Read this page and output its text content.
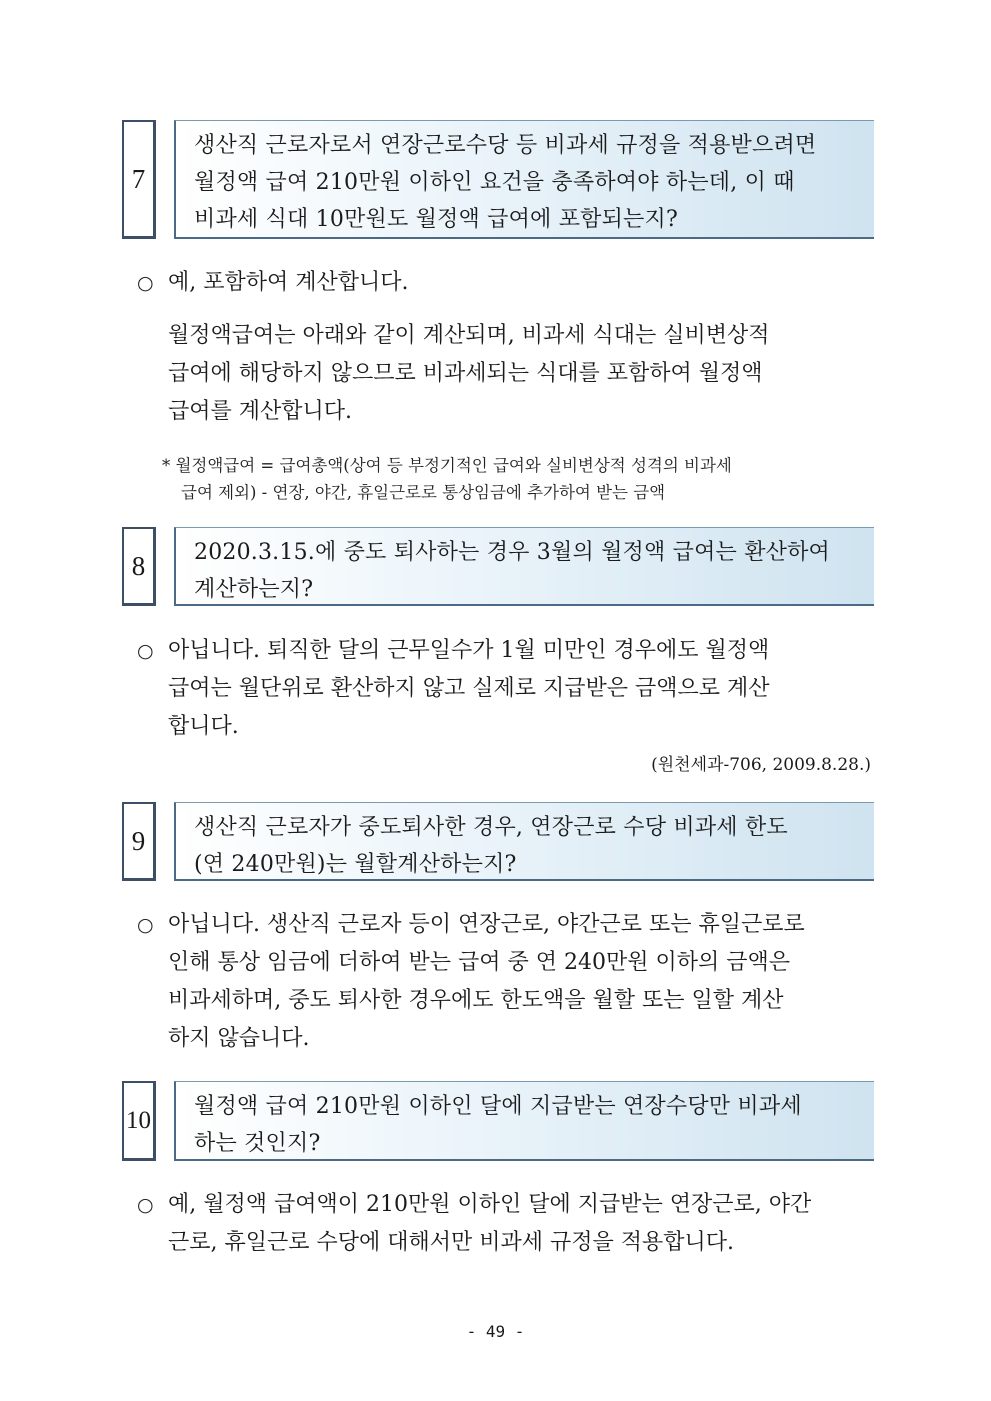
7
생산직 근로자로서 연장근로수당 등 비과세 규정을 적용받으려면
월정액 급여 210만원 이하인 요건을 충족하여야 하는데, 이 때
비과세 식대 10만원도 월정액 급여에 포함되는지?
○ 예, 포함하여 계산합니다.
월정액급여는 아래와 같이 계산되며, 비과세 식대는 실비변상적
급여에 해당하지 않으므로 비과세되는 식대를 포함하여 월정액
급여를 계산합니다.
* 월정액급여 = 급여총액(상여 등 부정기적인 급여와 실비변상적 성격의 비과세
급여 제외) - 연장, 야간, 휴일근로로 통상임금에 추가하여 받는 금액
8	2020.3.15.에 중도 퇴사하는 경우 3월의 월정액 급여는 환산하여
계산하는지?
○ 아닙니다. 퇴직한 달의 근무일수가 1월 미만인 경우에도 월정액
급여는 월단위로 환산하지 않고 실제로 지급받은 금액으로 계산
합니다.
(원천세과-706, 2009.8.28.)
9	생산직 근로자가 중도퇴사한 경우, 연장근로 수당 비과세 한도
(연 240만원)는 월할계산하는지?
○ 아닙니다. 생산직 근로자 등이 연장근로, 야간근로 또는 휴일근로로
인해 통상 임금에 더하여 받는 급여 중 연 240만원 이하의 금액은
비과세하며, 중도 퇴사한 경우에도 한도액을 월할 또는 일할 계산
하지 않습니다.
10 월정액 급여 210만원 이하인 달에 지급받는 연장수당만 비과세
하는 것인지?
○ 예, 월정액 급여액이 210만원 이하인 달에 지급받는 연장근로, 야간
근로, 휴일근로 수당에 대해서만 비과세 규정을 적용합니다.
- 49 -
